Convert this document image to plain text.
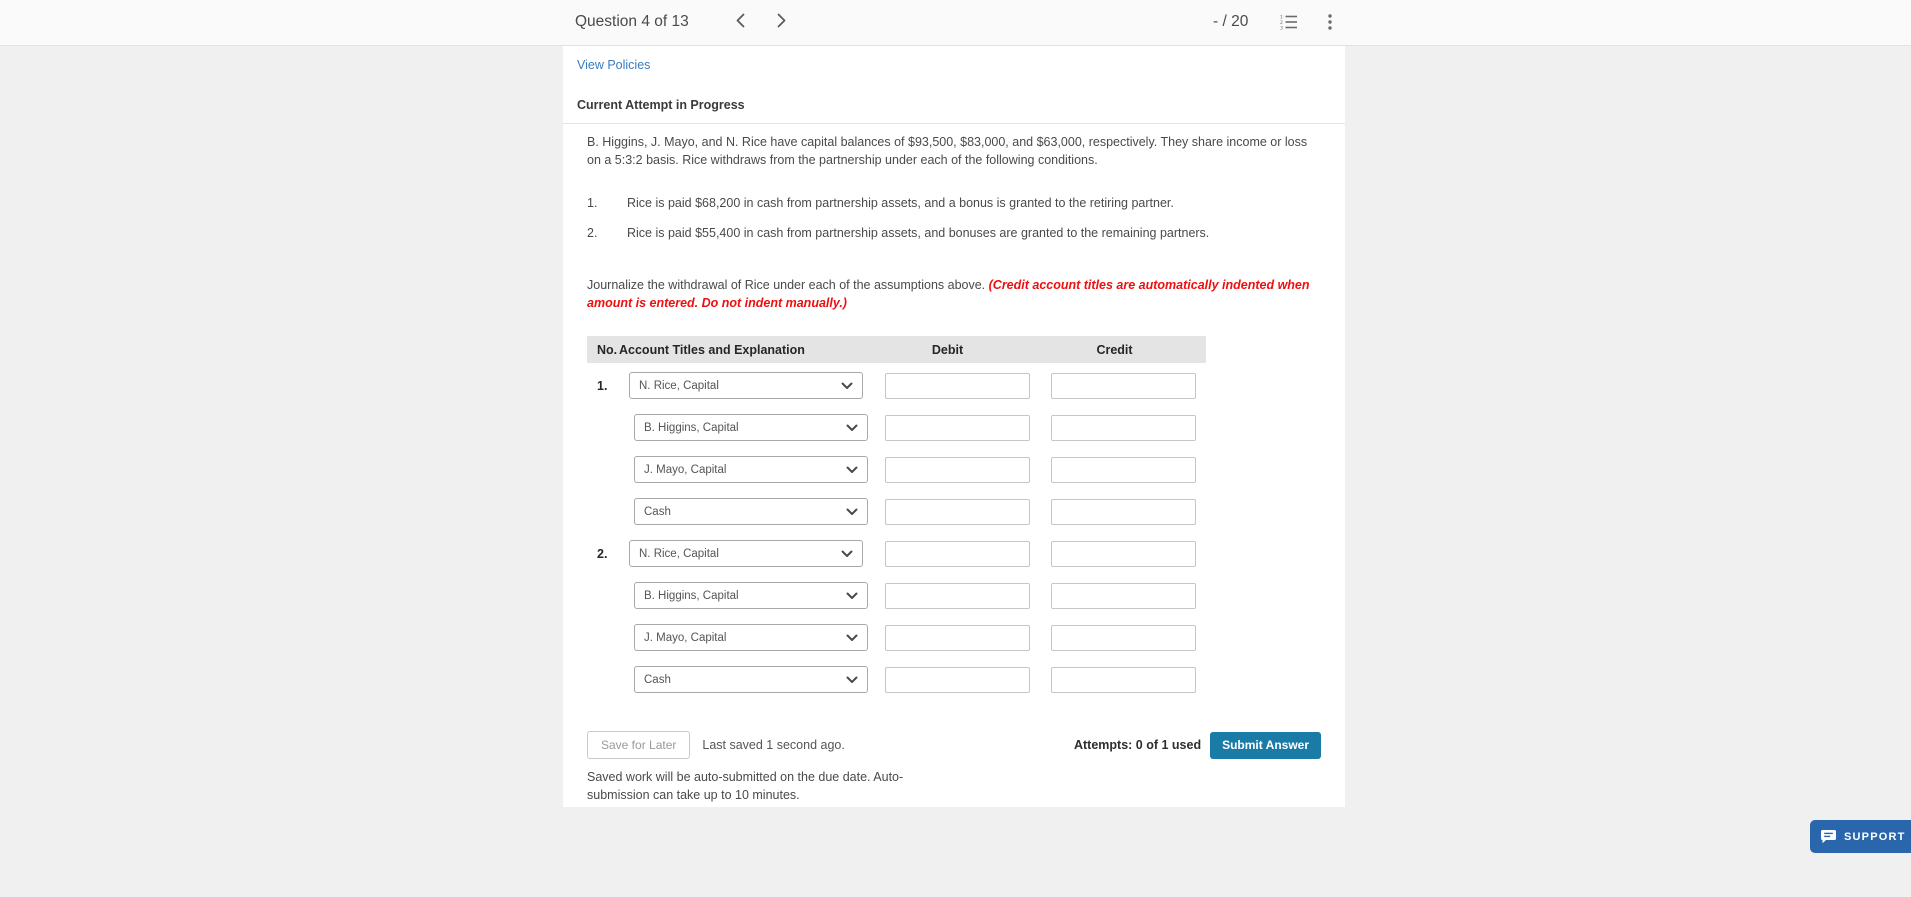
Question 4 of 13	- / 20	1
2
3
View Policies
Current Attempt in Progress

B. Higgins, J. Mayo, and N. Rice have capital balances of $93,500, $83,000, and $63,000, respectively. They share income or loss on a 5:3:2 basis. Rice withdraws from the partnership under each of the following conditions.

1.	Rice is paid $68,200 in cash from partnership assets, and a bonus is granted to the retiring partner.
2.	Rice is paid $55,400 in cash from partnership assets, and bonuses are granted to the remaining partners.

Journalize the withdrawal of Rice under each of the assumptions above. (Credit account titles are automatically indented when amount is entered. Do not indent manually.)

No. Account Titles and Explanation	Debit	Credit
1.	N. Rice, Capital
B. Higgins, Capital
J. Mayo, Capital
Cash
2.	N. Rice, Capital
B. Higgins, Capital
J. Mayo, Capital
Cash
Save for Later	Last saved 1 second ago.	Attempts: 0 of 1 used	Submit Answer

Saved work will be auto-submitted on the due date. Auto-submission can take up to 10 minutes.

SUPPORT
